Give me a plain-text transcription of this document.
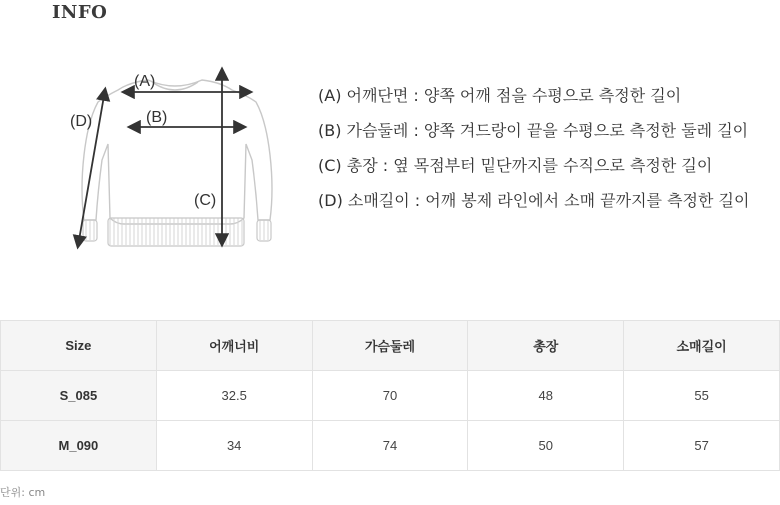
INFO
(A)
(B)
(C)
(D)
(A) 어깨단면 : 양쪽 어깨 점을 수평으로 측정한 길이
(B) 가슴둘레 : 양쪽 겨드랑이 끝을 수평으로 측정한 둘레 길이
(C) 총장 : 옆 목점부터 밑단까지를 수직으로 측정한 길이
(D) 소매길이 : 어깨 봉제 라인에서 소매 끝까지를 측정한 길이
Size	어깨너비	가슴둘레	총장	소매길이
S_085	32.5	70	48	55
M_090	34	74	50	57
단위: cm
